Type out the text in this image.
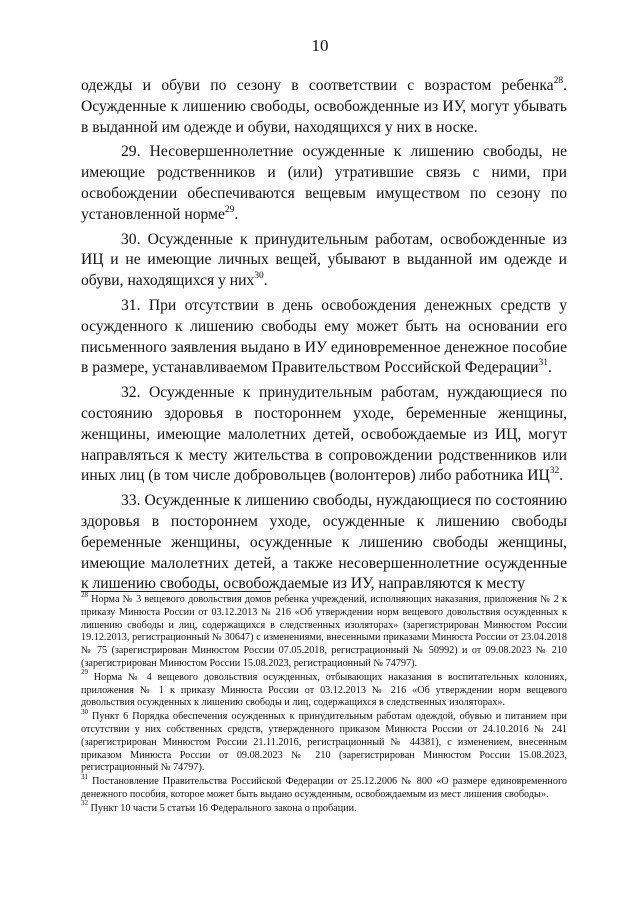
10

одежды и обуви по сезону в соответствии с возрастом ребенка$^{28}$. Осужденные к лишению свободы, освобожденные из ИУ, могут убывать в выданной им одежде и обуви, находящихся у них в носке.

29. Несовершеннолетние осужденные к лишению свободы, не имеющие родственников и (или) утратившие связь с ними, при освобождении обеспечиваются вещевым имуществом по сезону по установленной норме$^{29}$.

30. Осужденные к принудительным работам, освобожденные из ИЦ и не имеющие личных вещей, убывают в выданной им одежде и обуви, находящихся у них$^{30}$.

31. При отсутствии в день освобождения денежных средств у осужденного к лишению свободы ему может быть на основании его письменного заявления выдано в ИУ единовременное денежное пособие в размере, устанавливаемом Правительством Российской Федерации$^{31}$.

32. Осужденные к принудительным работам, нуждающиеся по состоянию здоровья в постороннем уходе, беременные женщины, женщины, имеющие малолетних детей, освобождаемые из ИЦ, могут направляться к месту жительства в сопровождении родственников или иных лиц (в том числе добровольцев (волонтеров) либо работника ИЦ$^{32}$.

33. Осужденные к лишению свободы, нуждающиеся по состоянию здоровья в постороннем уходе, осужденные к лишению свободы беременные женщины, осужденные к лишению свободы женщины, имеющие малолетних детей, а также несовершеннолетние осужденные к лишению свободы, освобождаемые из ИУ, направляются к месту

$^{28}$ Норма № 3 вещевого довольствия домов ребенка учреждений, исполняющих наказания, приложения № 2 к приказу Минюста России от 03.12.2013 № 216 «Об утверждении норм вещевого довольствия осужденных к лишению свободы и лиц, содержащихся в следственных изоляторах» (зарегистрирован Минюстом России 19.12.2013, регистрационный № 30647) с изменениями, внесенными приказами Минюста России от 23.04.2018 № 75 (зарегистрирован Минюстом России 07.05.2018, регистрационный № 50992) и от 09.08.2023 № 210 (зарегистрирован Минюстом России 15.08.2023, регистрационный № 74797).

$^{29}$ Норма № 4 вещевого довольствия осужденных, отбывающих наказания в воспитательных колониях, приложения № 1 к приказу Минюста России от 03.12.2013 № 216 «Об утверждении норм вещевого довольствия осужденных к лишению свободы и лиц, содержащихся в следственных изоляторах».

$^{30}$ Пункт 6 Порядка обеспечения осужденных к принудительным работам одеждой, обувью и питанием при отсутствии у них собственных средств, утвержденного приказом Минюста России от 24.10.2016 № 241 (зарегистрирован Минюстом России 21.11.2016, регистрационный № 44381), с изменением, внесенным приказом Минюста России от 09.08.2023 № 210 (зарегистрирован Минюстом России 15.08.2023, регистрационный № 74797).

$^{31}$ Постановление Правительства Российской Федерации от 25.12.2006 № 800 «О размере единовременного денежного пособия, которое может быть выдано осужденным, освобождаемым из мест лишения свободы».

$^{32}$ Пункт 10 части 5 статьи 16 Федерального закона о пробации.
